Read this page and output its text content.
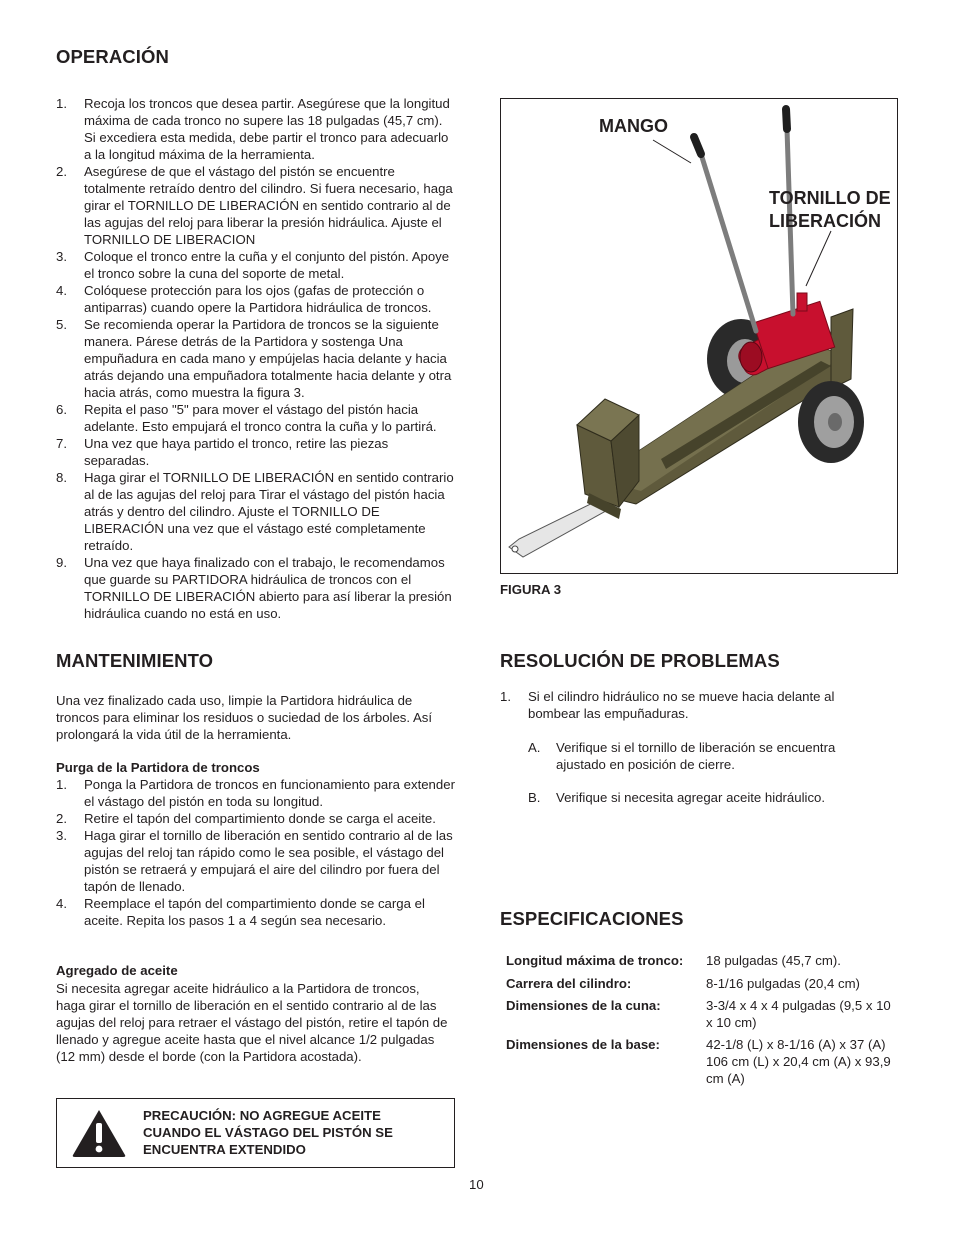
OPERACIÓN
1. Recoja los troncos que desea partir. Asegúrese que la longitud máxima de cada tronco no supere las 18 pulgadas (45,7 cm). Si excediera esta medida, debe partir el tronco para adecuarlo a la longitud máxima de la herramienta.
2. Asegúrese de que el vástago del pistón se encuentre totalmente retraído dentro del cilindro. Si fuera necesario, haga girar el TORNILLO DE LIBERACIÓN en sentido contrario al de las agujas del reloj para liberar la presión hidráulica. Ajuste el TORNILLO DE LIBERACION
3. Coloque el tronco entre la cuña y el conjunto del pistón. Apoye el tronco sobre la cuna del soporte de metal.
4. Colóquese protección para los ojos (gafas de protección o antiparras) cuando opere la Partidora hidráulica de troncos.
5. Se recomienda operar la Partidora de troncos se la siguiente manera. Párese detrás de la Partidora y sostenga Una empuñadura en cada mano y empújelas hacia delante y hacia atrás dejando una empuñadora totalmente hacia delante y otra hacia atrás, como muestra la figura 3.
6. Repita el paso "5" para mover el vástago del pistón hacia adelante. Esto empujará el tronco contra la cuña y lo partirá.
7. Una vez que haya partido el tronco, retire las piezas separadas.
8. Haga girar el TORNILLO DE LIBERACIÓN en sentido contrario al de las agujas del reloj para Tirar el vástago del pistón hacia atrás y dentro del cilindro. Ajuste el TORNILLO DE LIBERACIÓN una vez que el vástago esté completamente retraído.
9. Una vez que haya finalizado con el trabajo, le recomendamos que guarde su PARTIDORA hidráulica de troncos con el TORNILLO DE LIBERACIÓN abierto para así liberar la presión hidráulica cuando no está en uso.
MANGO
TORNILLO DE
LIBERACIÓN
FIGURA 3
MANTENIMIENTO
Una vez finalizado cada uso, limpie la Partidora hidráulica de troncos para eliminar los residuos o suciedad de los árboles. Así prolongará la vida útil de la herramienta.
Purga de la Partidora de troncos
1. Ponga la Partidora de troncos en funcionamiento para extender el vástago del pistón en toda su longitud.
2. Retire el tapón del compartimiento donde se carga el aceite.
3. Haga girar el tornillo de liberación en sentido contrario al de las agujas del reloj tan rápido como le sea posible, el vástago del pistón se retraerá y empujará el aire del cilindro por fuera del tapón de llenado.
4. Reemplace el tapón del compartimiento donde se carga el aceite. Repita los pasos 1 a 4 según sea necesario.
Agregado de aceite
Si necesita agregar aceite hidráulico a la Partidora de troncos, haga girar el tornillo de liberación en el sentido contrario al de las agujas del reloj para retraer el vástago del pistón, retire el tapón de llenado y agregue aceite hasta que el nivel alcance 1/2 pulgadas (12 mm) desde el borde (con la Partidora acostada).
PRECAUCIÓN: NO AGREGUE ACEITE
CUANDO EL VÁSTAGO DEL PISTÓN SE
ENCUENTRA EXTENDIDO
RESOLUCIÓN DE PROBLEMAS
1.	Si el cilindro hidráulico no se mueve hacia delante al bombear las empuñaduras.
A.	Verifique si el tornillo de liberación se encuentra ajustado en posición de cierre.
B.	Verifique si necesita agregar aceite hidráulico.
ESPECIFICACIONES
Longitud máxima de tronco:	18 pulgadas (45,7 cm).
Carrera del cilindro:	8-1/16 pulgadas (20,4 cm)
Dimensiones de la cuna:	3-3/4 x 4 x 4 pulgadas (9,5 x 10 x 10 cm)
Dimensiones de la base:	42-1/8 (L) x 8-1/16 (A) x 37 (A) 106 cm (L) x 20,4 cm (A) x 93,9 cm (A)
10
